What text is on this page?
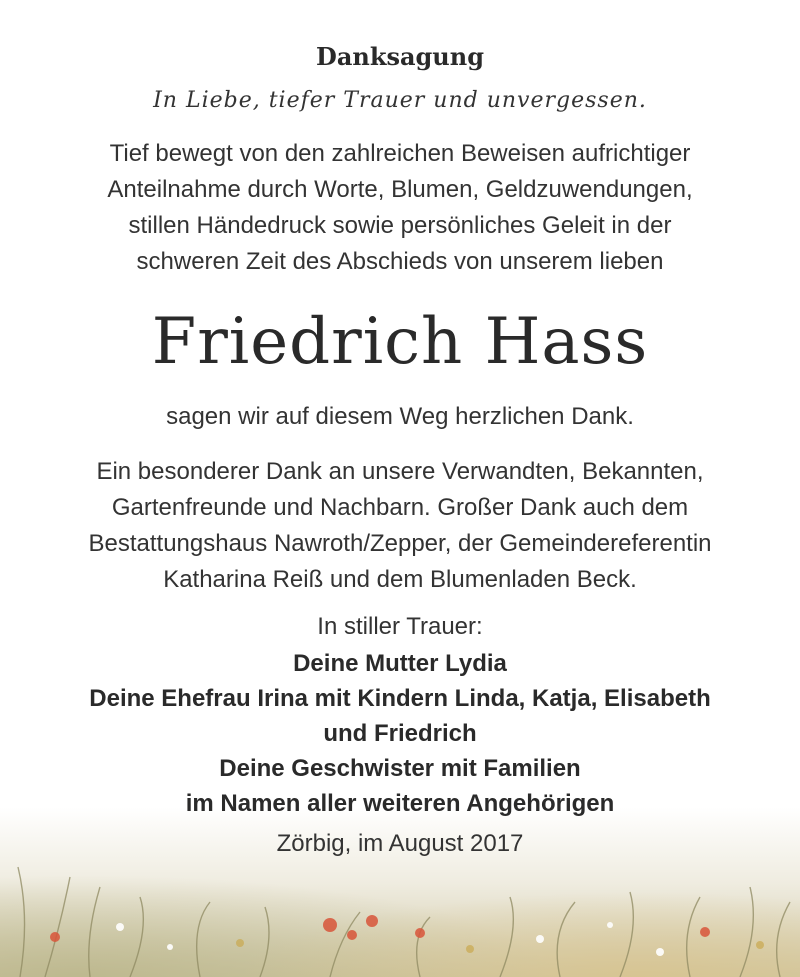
Danksagung
In Liebe, tiefer Trauer und unvergessen.
Tief bewegt von den zahlreichen Beweisen aufrichtiger
Anteilnahme durch Worte, Blumen, Geldzuwendungen,
stillen Händedruck sowie persönliches Geleit in der
schweren Zeit des Abschieds von unserem lieben
Friedrich Hass
sagen wir auf diesem Weg herzlichen Dank.
Ein besonderer Dank an unsere Verwandten, Bekannten,
Gartenfreunde und Nachbarn. Großer Dank auch dem
Bestattungshaus Nawroth/Zepper, der Gemeindereferentin
Katharina Reiß und dem Blumenladen Beck.
In stiller Trauer:
Deine Mutter Lydia
Deine Ehefrau Irina mit Kindern Linda, Katja, Elisabeth
und Friedrich
Deine Geschwister mit Familien
im Namen aller weiteren Angehörigen
Zörbig, im August 2017
